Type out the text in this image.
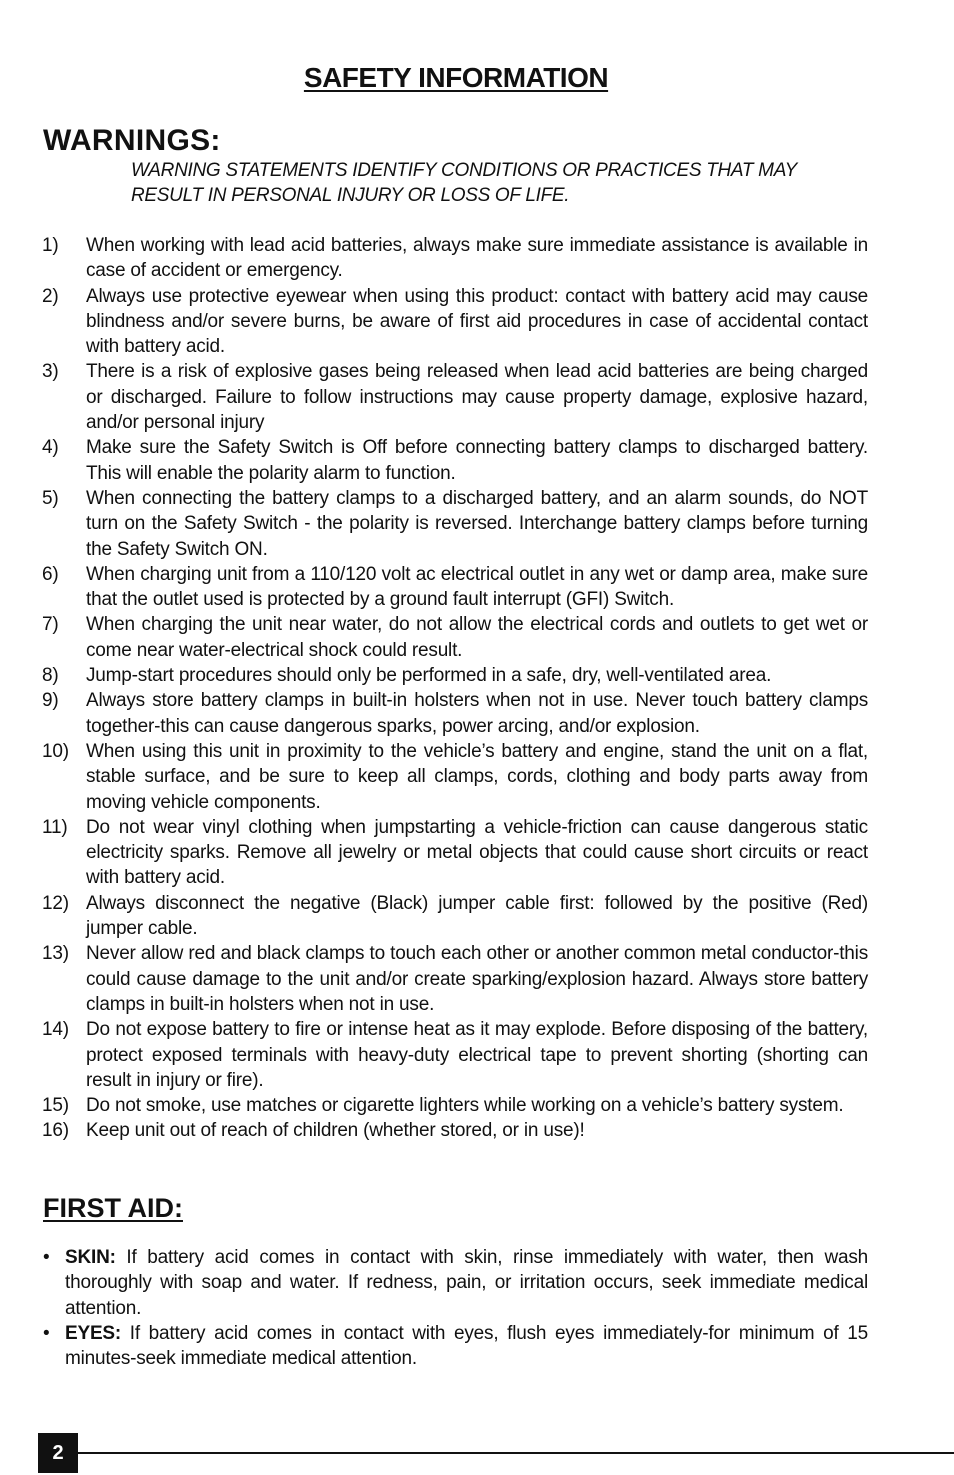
SAFETY INFORMATION
WARNINGS:
WARNING STATEMENTS IDENTIFY CONDITIONS OR PRACTICES THAT MAY RESULT IN PERSONAL INJURY OR LOSS OF LIFE.
1)	When working with lead acid batteries, always make sure immediate assistance is available in case of accident or emergency.
2)	Always use protective eyewear when using this product: contact with battery acid may cause blindness and/or severe burns, be aware of first aid procedures in case of accidental contact with battery acid.
3)	There is a risk of explosive gases being released when lead acid batteries are being charged or discharged. Failure to follow instructions may cause property damage, explosive hazard, and/or personal injury
4)	Make sure the Safety Switch is Off before connecting battery clamps to discharged battery. This will enable the polarity alarm to function.
5)	When connecting the battery clamps to a discharged battery, and an alarm sounds, do NOT turn on the Safety Switch - the polarity is reversed. Interchange battery clamps before turning the Safety Switch ON.
6)	When charging unit from a 110/120 volt ac electrical outlet in any wet or damp area, make sure that the outlet used is protected by a ground fault interrupt (GFI) Switch.
7)	When charging the unit near water, do not allow the electrical cords and outlets to get wet or come near water-electrical shock could result.
8)	Jump-start procedures should only be performed in a safe, dry, well-ventilated area.
9)	Always store battery clamps in built-in holsters when not in use. Never touch battery clamps together-this can cause dangerous sparks, power arcing, and/or explosion.
10) When using this unit in proximity to the vehicle’s battery and engine, stand the unit on a flat, stable surface, and be sure to keep all clamps, cords, clothing and body parts away from moving vehicle components.
11) Do not wear vinyl clothing when jumpstarting a vehicle-friction can cause dangerous static electricity sparks. Remove all jewelry or metal objects that could cause short circuits or react with battery acid.
12) Always disconnect the negative (Black) jumper cable first: followed by the positive (Red) jumper cable.
13) Never allow red and black clamps to touch each other or another common metal conductor-this could cause damage to the unit and/or create sparking/explosion hazard. Always store battery clamps in built-in holsters when not in use.
14) Do not expose battery to fire or intense heat as it may explode. Before disposing of the battery, protect exposed terminals with heavy-duty electrical tape to prevent shorting (shorting can result in injury or fire).
15) Do not smoke, use matches or cigarette lighters while working on a vehicle’s battery system.
16) Keep unit out of reach of children (whether stored, or in use)!
FIRST AID:
• SKIN: If battery acid comes in contact with skin, rinse immediately with water, then wash thoroughly with soap and water. If redness, pain, or irritation occurs, seek immediate medical attention.
• EYES: If battery acid comes in contact with eyes, flush eyes immediately-for minimum of 15 minutes-seek immediate medical attention.
2
